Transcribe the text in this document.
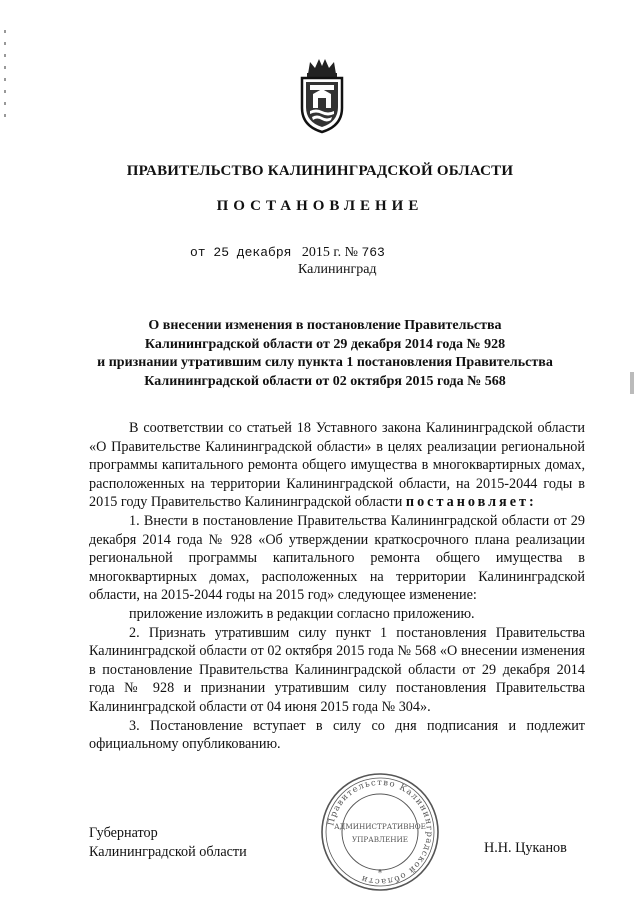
ПРАВИТЕЛЬСТВО КАЛИНИНГРАДСКОЙ ОБЛАСТИ
ПОСТАНОВЛЕНИЕ
от 25 декабря 2015 г. № 763
Калининград
О внесении изменения в постановление Правительства
Калининградской области от 29 декабря 2014 года № 928
и признании утратившим силу пункта 1 постановления Правительства
Калининградской области от 02 октября 2015 года № 568

В соответствии со статьей 18 Уставного закона Калининградской области «О Правительстве Калининградской области» в целях реализации региональной программы капитального ремонта общего имущества в многоквартирных домах, расположенных на территории Калининградской области, на 2015-2044 годы в 2015 году Правительство Калининградской области постановляет:

1. Внести в постановление Правительства Калининградской области от 29 декабря 2014 года № 928 «Об утверждении краткосрочного плана реализации региональной программы капитального ремонта общего имущества в многоквартирных домах, расположенных на территории Калининградской области, на 2015-2044 годы на 2015 год» следующее изменение:

приложение изложить в редакции согласно приложению.

2. Признать утратившим силу пункт 1 постановления Правительства Калининградской области от 02 октября 2015 года № 568 «О внесении изменения в постановление Правительства Калининградской области от 29 декабря 2014 года № 928 и признании утратившим силу постановления Правительства Калининградской области от 04 июня 2015 года № 304».

3. Постановление вступает в силу со дня подписания и подлежит официальному опубликованию.

Правительство Калининградской области
АДМИНИСТРАТИВНОЕ
УПРАВЛЕНИЕ
*
Губернатор
Калининградской области	Н.Н. Цуканов
